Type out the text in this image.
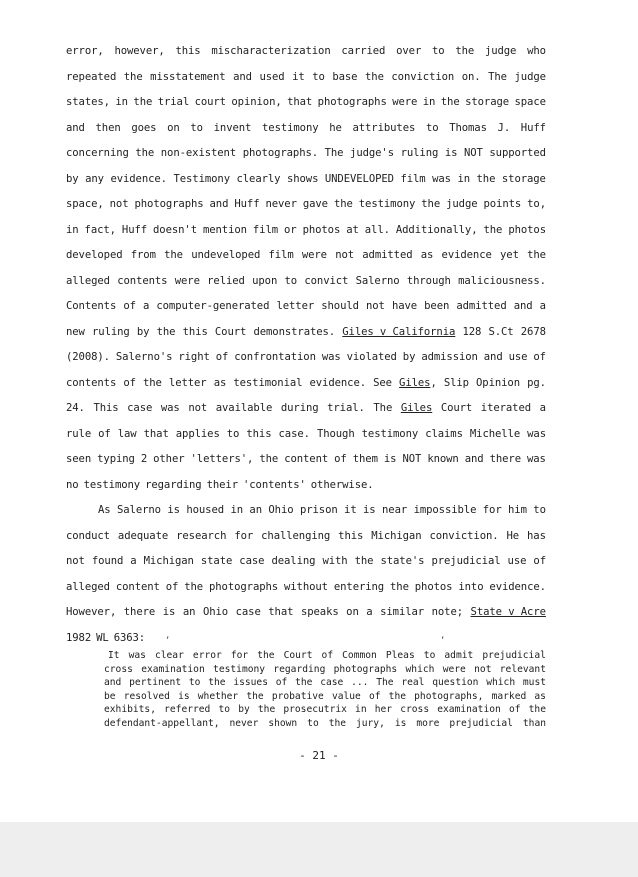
error, however, this mischaracterization carried over to the judge who
repeated the misstatement and used it to base the conviction on. The judge
states, in the trial court opinion, that photographs were in the storage space
and then goes on to invent testimony he attributes to Thomas J. Huff
concerning the non-existent photographs. The judge's ruling is NOT supported
by any evidence. Testimony clearly shows UNDEVELOPED film was in the storage
space, not photographs and Huff never gave the testimony the judge points to,
in fact, Huff doesn't mention film or photos at all. Additionally, the photos
developed from the undeveloped film were not admitted as evidence yet the
alleged contents were relied upon to convict Salerno through maliciousness.
Contents of a computer-generated letter should not have been admitted and a
new ruling by the this Court demonstrates. Giles v California 128 S.Ct 2678
(2008). Salerno's right of confrontation was violated by admission and use of
contents of the letter as testimonial evidence. See Giles, Slip Opinion pg.
24. This case was not available during trial. The Giles Court iterated a
rule of law that applies to this case. Though testimony claims Michelle was
seen typing 2 other 'letters', the content of them is NOT known and there was
no testimony regarding their 'contents' otherwise.
As Salerno is housed in an Ohio prison it is near impossible for him to
conduct adequate research for challenging this Michigan conviction. He has
not found a Michigan state case dealing with the state's prejudicial use of
alleged content of the photographs without entering the photos into evidence.
However, there is an Ohio case that speaks on a similar note; State v Acre
1982 WL 6363:
It was clear error for the Court of Common Pleas to admit prejudicial
cross examination testimony regarding photographs which were not relevant
and pertinent to the issues of the case ... The real question which must
be resolved is whether the probative value of the photographs, marked as
exhibits, referred to by the prosecutrix in her cross examination of the
defendant-appellant, never shown to the jury, is more prejudicial than
,	,
- 21 -
